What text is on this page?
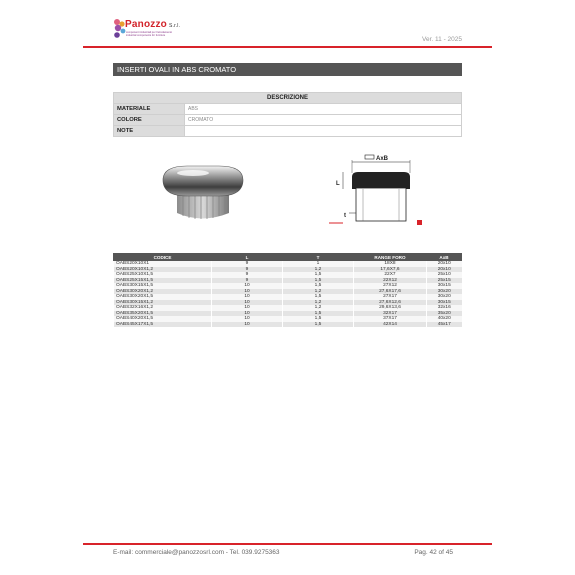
Panozzo S.r.l.
componenti industriali per l'arredamento
industrial components for furniture
Ver. 11 - 2025
INSERTI OVALI IN ABS CROMATO
DESCRIZIONE	
MATERIALE	ABS
COLORE	CROMATO
NOTE	
AxB
L
t
CODICE	L	T	RANGE FORO	AxB
OABS20X10X1	9	1	18X8	20x10
OABS20X10X1,2	9	1,2	17,6X7,6	20x10
OABS25X10X1,5	9	1,5	22X7	25x10
OABS25X15X1,5	9	1,5	22X12	25x15
OABS30X15X1,5	10	1,5	27X12	30x15
OABS30X20X1,2	10	1,2	27,6X17,6	30x20
OABS30X20X1,5	10	1,5	27X17	30x20
OABS30X15X1,2	10	1,2	27,6X12,6	30x15
OABS32X16X1,2	10	1,2	29,6X13,6	32x16
OABS35X20X1,5	10	1,5	32X17	35x20
OABS40X20X1,5	10	1,5	37X17	40x20
OABS45X17X1,5	10	1,5	42X14	45x17
E-mail: commerciale@panozzosrl.com - Tel. 039.9275363	Pag. 42 of 45
